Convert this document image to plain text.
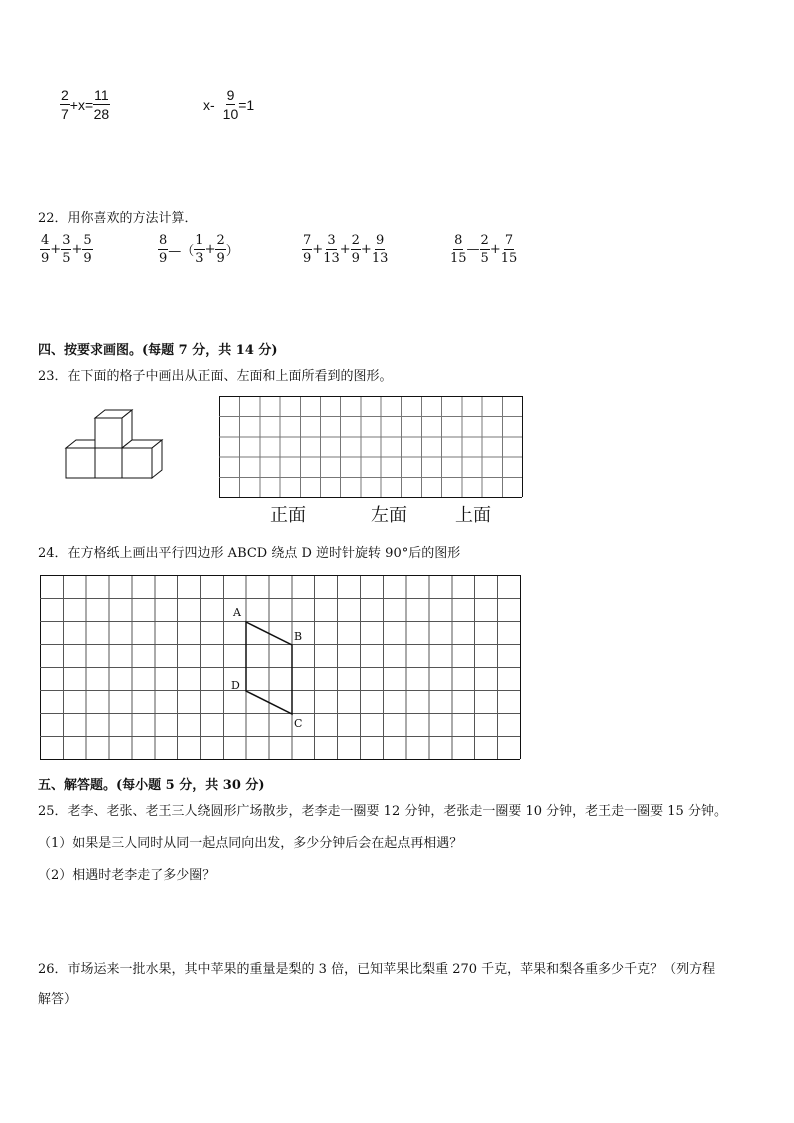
$\frac{2}{7} +x= \frac{11}{28}$	$x- \frac{9}{10} =1$
22．用你喜欢的方法计算．
$\frac{4}{9} + \frac{3}{5} + \frac{5}{9}$	$\frac{8}{9}$ —（ $\frac{1}{3} + \frac{2}{9}$ ）	$\frac{7}{9} + \frac{3}{13} + \frac{2}{9} + \frac{9}{13}$	$\frac{8}{15}$ — $\frac{2}{5} + \frac{7}{15}$
四、按要求画图。(每题 7 分，共 14 分)
23．在下面的格子中画出从正面、左面和上面所看到的图形。
正面	左面	上面
24．在方格纸上画出平行四边形 ABCD 绕点 D 逆时针旋转 90°后的图形
A
B
C
D
五、解答题。(每小题 5 分，共 30 分)
25．老李、老张、老王三人绕圆形广场散步，老李走一圈要 12 分钟，老张走一圈要 10 分钟，老王走一圈要 15 分钟。
（1）如果是三人同时从同一起点同向出发，多少分钟后会在起点再相遇？
（2）相遇时老李走了多少圈？
26．市场运来一批水果，其中苹果的重量是梨的 3 倍，已知苹果比梨重 270 千克，苹果和梨各重多少千克？（列方程
解答）
